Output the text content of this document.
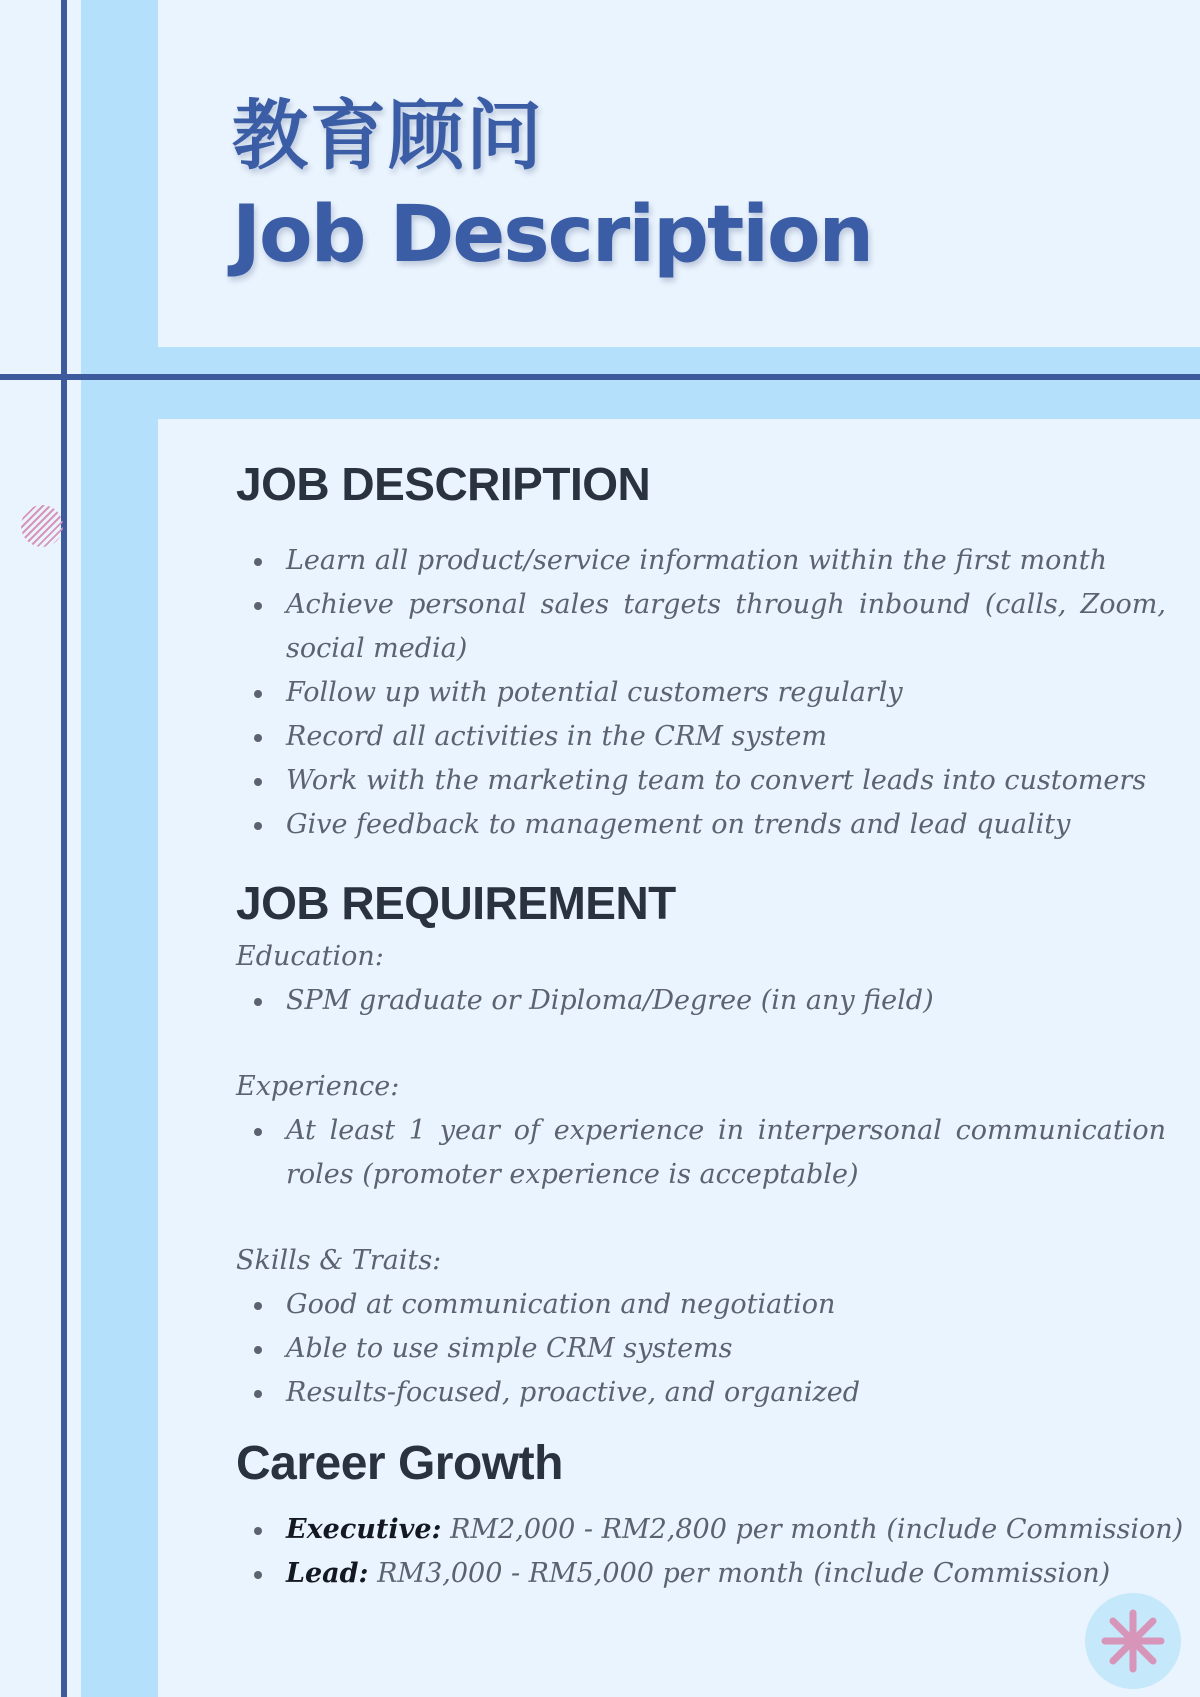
教育顾问
Job Description
JOB DESCRIPTION
Learn all product/service information within the first month
Achieve personal sales targets through inbound (calls, Zoom, social media)
Follow up with potential customers regularly
Record all activities in the CRM system
Work with the marketing team to convert leads into customers
Give feedback to management on trends and lead quality
JOB REQUIREMENT

Education:

SPM graduate or Diploma/Degree (in any field)

Experience:

At least 1 year of experience in interpersonal communication roles (promoter experience is acceptable)

Skills & Traits:

Good at communication and negotiation
Able to use simple CRM systems
Results-focused, proactive, and organized
Career Growth
Executive: RM2,000 - RM2,800 per month (include Commission)
Lead: RM3,000 - RM5,000 per month (include Commission)
